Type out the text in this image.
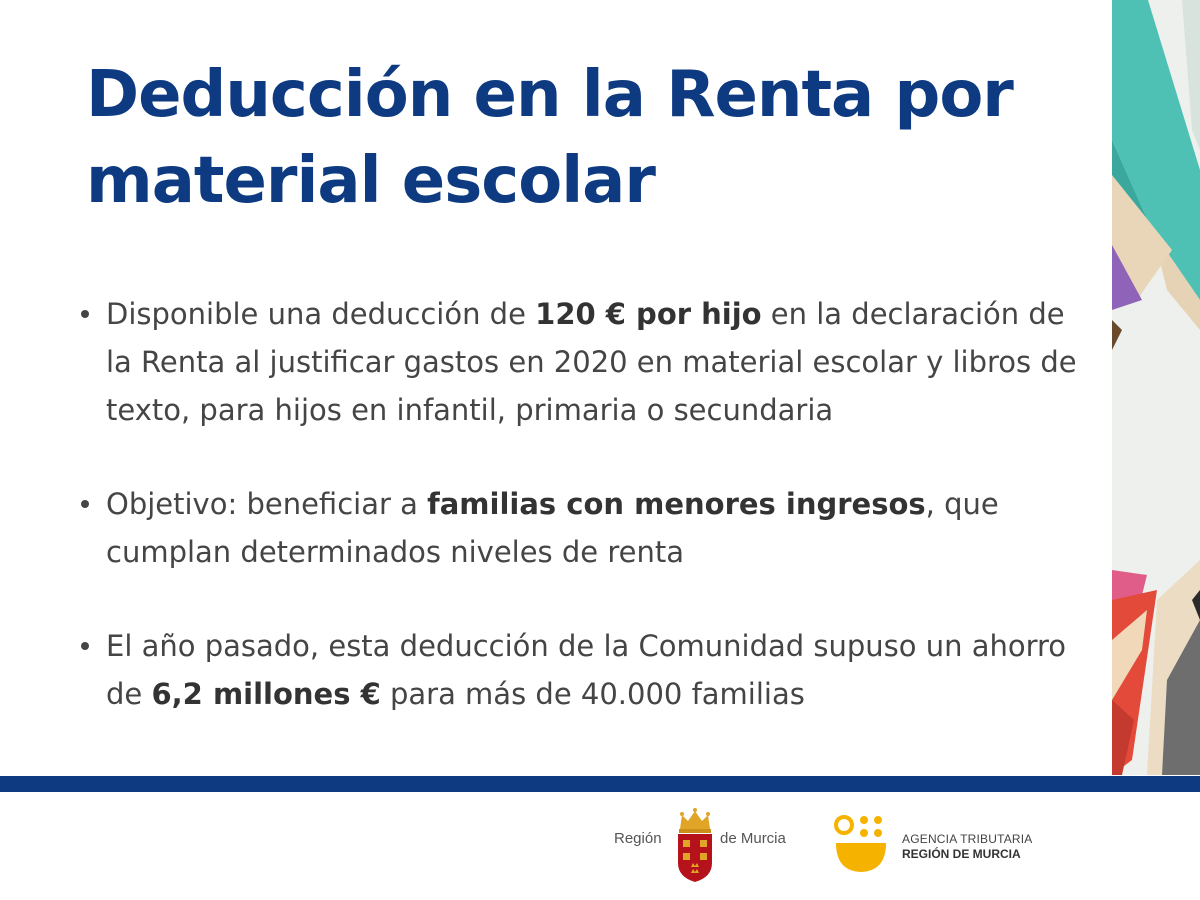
Deducción en la Renta por material escolar
Disponible una deducción de 120 € por hijo en la declaración de la Renta al justificar gastos en 2020 en material escolar y libros de texto, para hijos en infantil, primaria o secundaria
Objetivo: beneficiar a familias con menores ingresos, que cumplan determinados niveles de renta
El año pasado, esta deducción de la Comunidad supuso un ahorro de 6,2 millones € para más de 40.000 familias
Región	de Murcia	AGENCIA TRIBUTARIA
REGIÓN DE MURCIA
